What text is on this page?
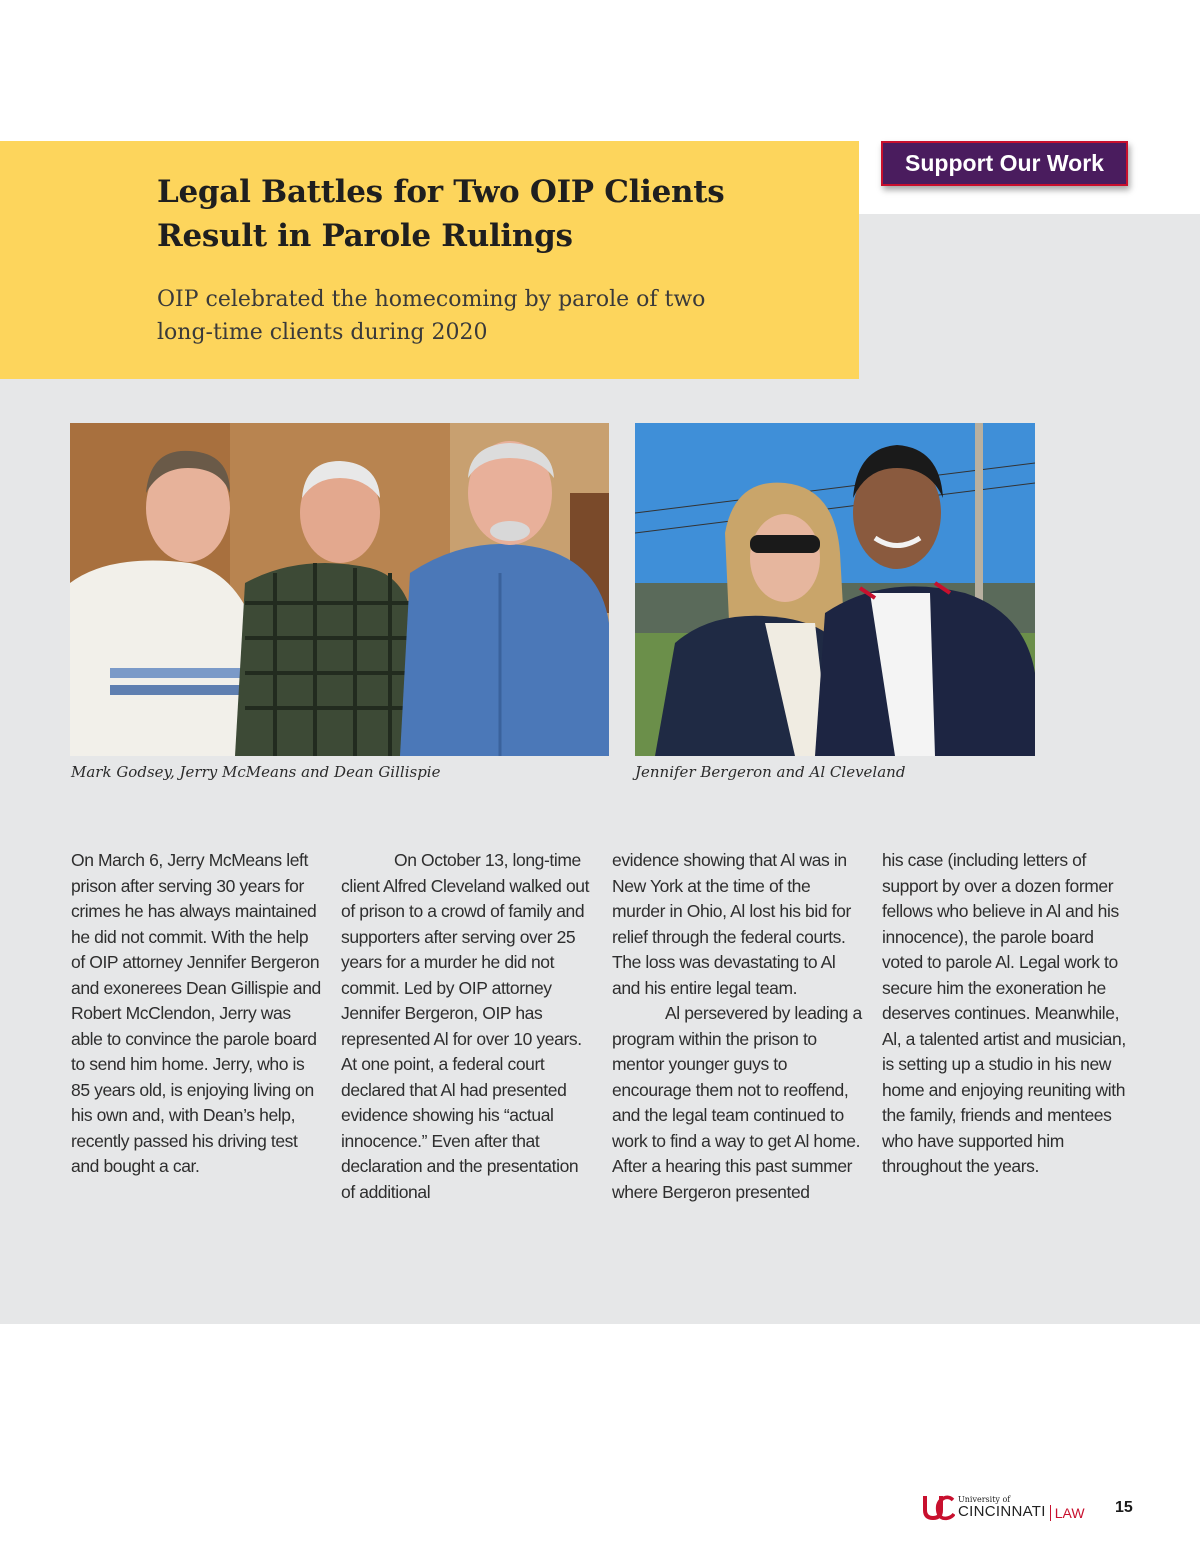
Legal Battles for Two OIP Clients Result in Parole Rulings
OIP celebrated the homecoming by parole of two long-time clients during 2020
Support Our Work

Mark Godsey, Jerry McMeans and Dean Gillispie	Jennifer Bergeron and Al Cleveland

On March 6, Jerry McMeans left prison after serving 30 years for crimes he has always maintained he did not commit. With the help of OIP attorney Jennifer Bergeron and exonerees Dean Gillispie and Robert McClendon, Jerry was able to convince the parole board to send him home. Jerry, who is 85 years old, is enjoying living on his own and, with Dean’s help, recently passed his driving test and bought a car.

On October 13, long-time client Alfred Cleveland walked out of prison to a crowd of family and supporters after serving over 25 years for a murder he did not commit. Led by OIP attorney Jennifer Bergeron, OIP has represented Al for over 10 years. At one point, a federal court declared that Al had presented evidence showing his “actual innocence.” Even after that declaration and the presentation of additional

evidence showing that Al was in New York at the time of the murder in Ohio, Al lost his bid for relief through the federal courts. The loss was devastating to Al and his entire legal team.

Al persevered by leading a program within the prison to mentor younger guys to encourage them not to reoffend, and the legal team continued to work to find a way to get Al home. After a hearing this past summer where Bergeron presented

his case (including letters of support by over a dozen former fellows who believe in Al and his innocence), the parole board voted to parole Al. Legal work to secure him the exoneration he deserves continues. Meanwhile, Al, a talented artist and musician, is setting up a studio in his new home and enjoying reuniting with the family, friends and mentees who have supported him throughout the years.

University of
CINCINNATI LAW 15
